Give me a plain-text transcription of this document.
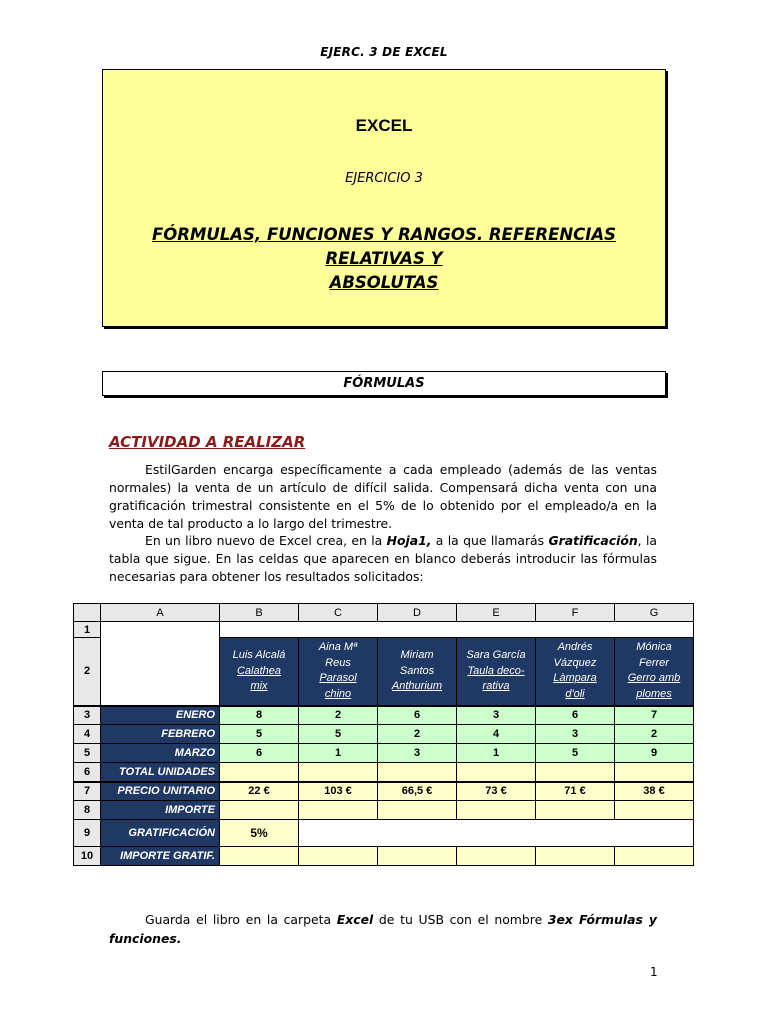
EJERC. 3 DE EXCEL
EXCEL
EJERCICIO 3
FÓRMULAS, FUNCIONES Y RANGOS. REFERENCIAS RELATIVAS Y
ABSOLUTAS
FÓRMULAS
ACTIVIDAD A REALIZAR
EstilGarden encarga específicamente a cada empleado (además de las ventas normales) la venta de un artículo de difícil salida. Compensará dicha venta con una gratificación trimestral consistente en el 5% de lo obtenido por el empleado/a en la venta de tal producto a lo largo del trimestre.
En un libro nuevo de Excel crea, en la Hoja1, a la que llamarás Gratificación, la tabla que sigue. En las celdas que aparecen en blanco deberás introducir las fórmulas necesarias para obtener los resultados solicitados:
	A	B	C	D	E	F	G
1							
2		Luis Alcalá
Calathea
mix	Aina Mª
Reus
Parasol
chino	Miriam
Santos
Anthurium	Sara García
Taula deco-
rativa	Andrés
Vázquez
Làmpara
d'oli	Mónica
Ferrer
Gerro amb
plomes
3	ENERO	8	2	6	3	6	7
4	FEBRERO	5	5	2	4	3	2
5	MARZO	6	1	3	1	5	9
6	TOTAL UNIDADES						
7	PRECIO UNITARIO	22 €	103 €	66,5 €	73 €	71 €	38 €
8	IMPORTE						
9	GRATIFICACIÓN	5%					
10	IMPORTE GRATIF.						
Guarda el libro en la carpeta Excel de tu USB con el nombre 3ex Fórmulas y funciones.
1
